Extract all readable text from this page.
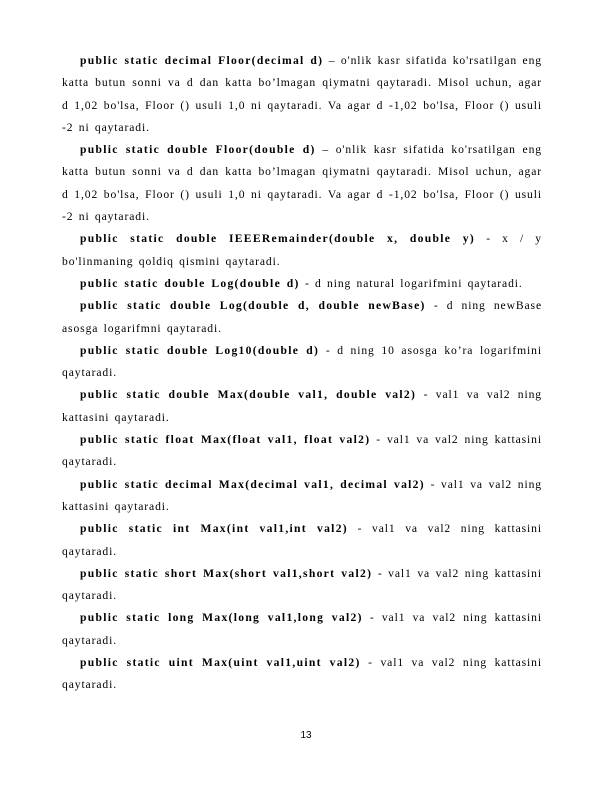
public static decimal Floor(decimal d) – o'nlik kasr sifatida ko'rsatilgan eng katta butun sonni va d dan katta bo’lmagan qiymatni qaytaradi. Misol uchun, agar d 1,02 bo'lsa, Floor () usuli 1,0 ni qaytaradi. Va agar d -1,02 bo'lsa, Floor () usuli -2 ni qaytaradi.

public static double Floor(double d) – o'nlik kasr sifatida ko'rsatilgan eng katta butun sonni va d dan katta bo’lmagan qiymatni qaytaradi. Misol uchun, agar d 1,02 bo'lsa, Floor () usuli 1,0 ni qaytaradi. Va agar d -1,02 bo'lsa, Floor () usuli -2 ni qaytaradi.

public static double IEEERemainder(double x, double y) - x / y bo'linmaning qoldiq qismini qaytaradi.

public static double Log(double d) - d ning natural logarifmini qaytaradi.

public static double Log(double d, double newBase) - d ning newBase asosga logarifmni qaytaradi.

public static double Log10(double d) - d ning 10 asosga ko’ra logarifmini qaytaradi.

public static double Max(double val1, double val2) - val1 va val2 ning kattasini qaytaradi.

public static float Max(float val1, float val2) - val1 va val2 ning kattasini qaytaradi.

public static decimal Max(decimal val1, decimal val2) - val1 va val2 ning kattasini qaytaradi.

public static int Max(int val1,int val2) - val1 va val2 ning kattasini qaytaradi.

public static short Max(short val1,short val2) - val1 va val2 ning kattasini qaytaradi.

public static long Max(long val1,long val2) - val1 va val2 ning kattasini qaytaradi.

public static uint Max(uint val1,uint val2) - val1 va val2 ning kattasini qaytaradi.

13
